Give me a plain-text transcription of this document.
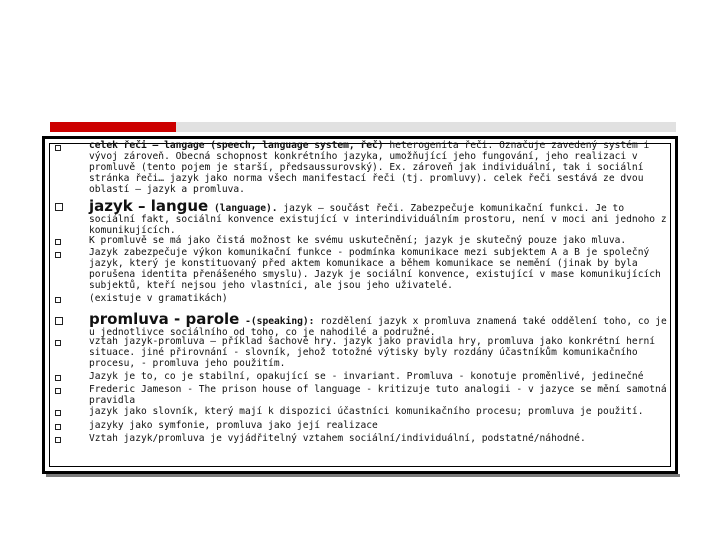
celek řeči – langage (speech, language system, řeč) heterogenita řeči. Označuje zavedený systém i vývoj zároveň. Obecná schopnost konkrétního jazyka, umožňující jeho fungování, jeho realizaci v promluvě (tento pojem je starší, předsaussurovský). Ex. zároveň jak individuální, tak i sociální stránka řeči… jazyk jako norma všech manifestací řeči (tj. promluvy). celek řeči sestává ze dvou oblastí – jazyk a promluva.
jazyk – langue (language). jazyk – součást řeči. Zabezpečuje komunikační funkci. Je to sociální fakt, sociální konvence existující v interindividuálním prostoru, není v moci ani jednoho z komunikujících.
K promluvě se má jako čistá možnost ke svému uskutečnění; jazyk je skutečný pouze jako mluva.
Jazyk zabezpečuje výkon komunikační funkce - podmínka komunikace mezi subjektem A a B je společný jazyk, který je konstituovaný před aktem komunikace a během komunikace se nemění (jinak by byla porušena identita přenášeného smyslu). Jazyk je sociální konvence, existující v mase komunikujících subjektů, kteří nejsou jeho vlastníci, ale jsou jeho uživatelé.
(existuje v gramatikách)
promluva - parole -(speaking): rozdělení jazyk x promluva znamená také oddělení toho, co je u jednotlivce sociálního od toho, co je nahodilé a podružné.
vztah jazyk-promluva – příklad šachové hry. jazyk jako pravidla hry, promluva jako konkrétní herní situace. jiné přirovnání - slovník, jehož totožné výtisky byly rozdány účastníkům komunikačního procesu, - promluva jeho použitím.
Jazyk je to, co je stabilní, opakující se - invariant. Promluva - konotuje proměnlivé, jedinečné
Frederic Jameson - The prison house of language - kritizuje tuto analogii - v jazyce se mění samotná pravidla
jazyk jako slovník, který mají k dispozici účastníci komunikačního procesu; promluva je použití.
jazyky jako symfonie, promluva jako její realizace
Vztah jazyk/promluva je vyjádřitelný vztahem sociální/individuální, podstatné/náhodné.
